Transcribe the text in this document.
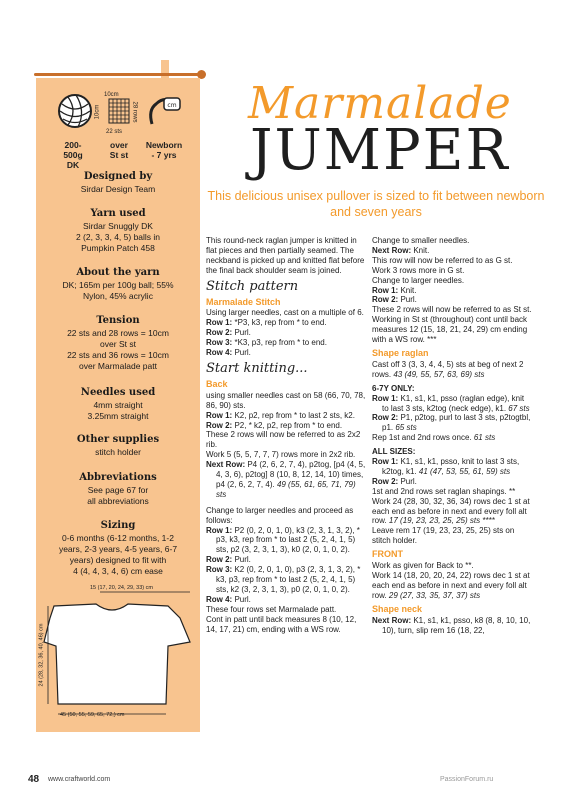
10cm
22 sts
10cm	28 rows	cm
200-
500g
DK
over
St st
Newborn
- 7 yrs
Designed by
Sirdar Design Team
Yarn used
Sirdar Snuggly DK
2 (2, 3, 3, 4, 5) balls in
Pumpkin Patch 458
About the yarn
DK; 165m per 100g ball; 55%
Nylon, 45% acrylic
Tension
22 sts and 28 rows = 10cm
over St st
22 sts and 36 rows = 10cm
over Marmalade patt
Needles used
4mm straight
3.25mm straight
Other supplies
stitch holder
Abbreviations
See page 67 for
all abbreviations
Sizing
0-6 months (6-12 months, 1-2
years, 2-3 years, 4-5 years, 6-7
years) designed to fit with
4 (4, 4, 3, 4, 6) cm ease
15 (17, 20, 24, 29, 33) cm
24 (28, 32, 36, 40, 46) cm
45 (50, 55, 59, 65, 72,) cm
Marmalade
JUMPER
This delicious unisex pullover is sized to fit between newborn and seven years
This round-neck raglan jumper is knitted in flat pieces and then partially seamed. The neckband is picked up and knitted flat before the final back shoulder seam is joined.
Stitch pattern
Marmalade Stitch
Using larger needles, cast on a multiple of 6.
Row 1: *P3, k3, rep from * to end.
Row 2: Purl.
Row 3: *K3, p3, rep from * to end.
Row 4: Purl.
Start knitting...
Back
using smaller needles cast on 58 (66, 70, 78, 86, 90) sts.
Row 1: K2, p2, rep from * to last 2 sts, k2.
Row 2: P2, * k2, p2, rep from * to end.
These 2 rows will now be referred to as 2x2 rib.
Work 5 (5, 5, 7, 7, 7) rows more in 2x2 rib.
Next Row: P4 (2, 6, 2, 7, 4), p2tog, [p4 (4, 5, 4, 3, 6), p2tog] 8 (10, 8, 12, 14, 10) times, p4 (2, 6, 2, 7, 4). 49 (55, 61, 65, 71, 79) sts
Change to larger needles and proceed as follows:
Row 1: P2 (0, 2, 0, 1, 0), k3 (2, 3, 1, 3, 2), * p3, k3, rep from * to last 2 (5, 2, 4, 1, 5) sts, p2 (3, 2, 3, 1, 3), k0 (2, 0, 1, 0, 2).
Row 2: Purl.
Row 3: K2 (0, 2, 0, 1, 0), p3 (2, 3, 1, 3, 2), * k3, p3, rep from * to last 2 (5, 2, 4, 1, 5) sts, k2 (3, 2, 3, 1, 3), p0 (2, 0, 1, 0, 2).
Row 4: Purl.
These four rows set Marmalade patt.
Cont in patt until back measures 8 (10, 12, 14, 17, 21) cm, ending with a WS row.
Change to smaller needles.
Next Row: Knit.
This row will now be referred to as G st.
Work 3 rows more in G st.
Change to larger needles.
Row 1: Knit.
Row 2: Purl.
These 2 rows will now be referred to as St st.
Working in St st (throughout) cont until back measures 12 (15, 18, 21, 24, 29) cm ending with a WS row. ***
Shape raglan
Cast off 3 (3, 3, 4, 4, 5) sts at beg of next 2 rows. 43 (49, 55, 57, 63, 69) sts
6-7Y ONLY:
Row 1: K1, s1, k1, psso (raglan edge), knit to last 3 sts, k2tog (neck edge), k1. 67 sts
Row 2: P1, p2tog, purl to last 3 sts, p2togtbl, p1. 65 sts
Rep 1st and 2nd rows once. 61 sts
ALL SIZES:
Row 1: K1, s1, k1, psso, knit to last 3 sts, k2tog, k1. 41 (47, 53, 55, 61, 59) sts
Row 2: Purl.
1st and 2nd rows set raglan shapings. **
Work 24 (28, 30, 32, 36, 34) rows dec 1 st at each end as before in next and every foll alt row. 17 (19, 23, 23, 25, 25) sts ****
Leave rem 17 (19, 23, 23, 25, 25) sts on stitch holder.
FRONT
Work as given for Back to **.
Work 14 (18, 20, 20, 24, 22) rows dec 1 st at each end as before in next and every foll alt row. 29 (27, 33, 35, 37, 37) sts
Shape neck
Next Row: K1, s1, k1, psso, k8 (8, 8, 10, 10, 10), turn, slip rem 16 (18, 22,
48 www.craftworld.com	PassionForum.ru
